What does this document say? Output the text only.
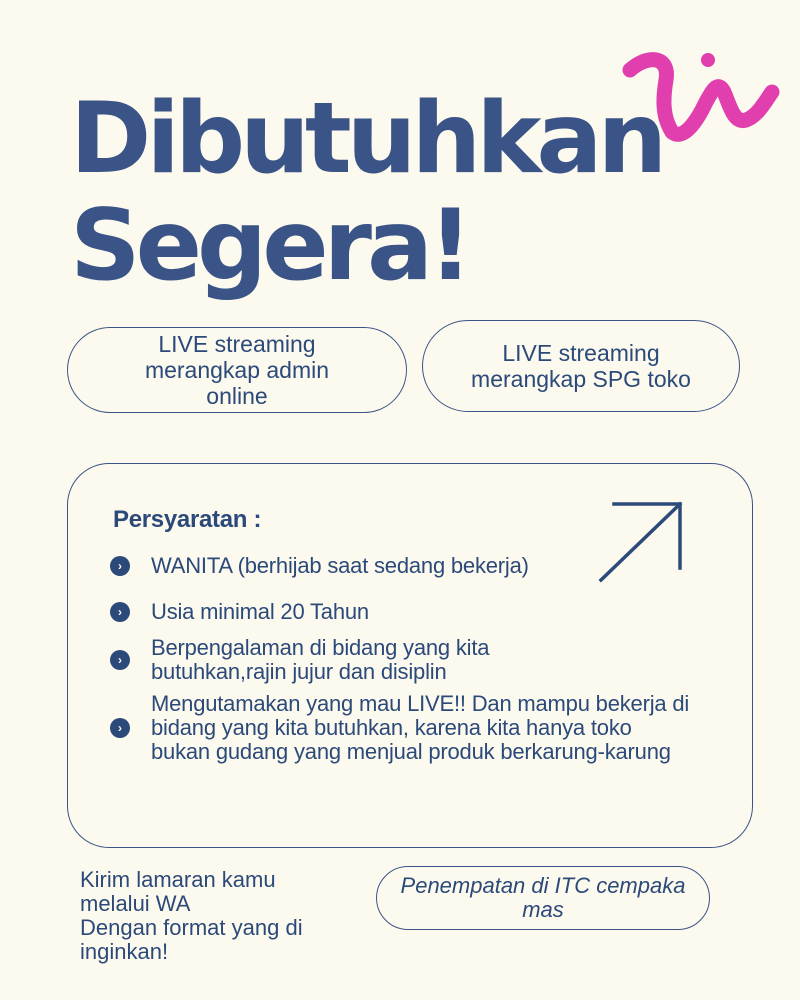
Dibutuhkan
Segera!
LIVE streaming
merangkap admin
online
LIVE streaming
merangkap SPG toko
Persyaratan :
›	WANITA (berhijab saat sedang bekerja)
›	Usia minimal 20 Tahun
›	Berpengalaman di bidang yang kita
butuhkan,rajin jujur dan disiplin
›
Mengutamakan yang mau LIVE!! Dan mampu bekerja di
bidang yang kita butuhkan, karena kita hanya toko
bukan gudang yang menjual produk berkarung-karung
Kirim lamaran kamu
melalui WA
Dengan format yang di
inginkan!
Penempatan di ITC cempaka
mas
